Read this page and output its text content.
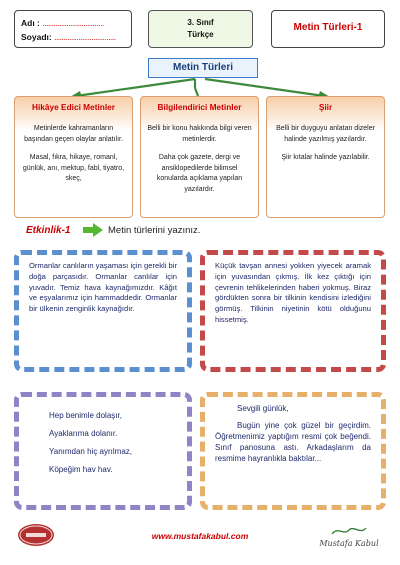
Adı : .................................
Soyadı: .................................
3. Sınıf
Türkçe
Metin Türleri-1
Metin Türleri
Hikâye Edici Metinler
Metinlerde kahramanların başından geçen olaylar anlatılır.
Masal, fıkra, hikaye, romanl, günlük, anı, mektup, fabl, tiyatro, skeç,
Bilgilendirici Metinler
Belli bir konu hakkında bilgi veren metinlerdir.
Daha çok gazete, dergi ve ansiklopedilerde bilimsel konularda açıklama yapılan yazılardır.
Şiir
Belli bir duyguyu anlatan dizeler halinde yazılmış yazılardır.
Şiir kıtalar halinde yazılabilir.
Etkinlik-1	Metin türlerini yazınız.
Ormanlar canlıların yaşaması için gerekli bir doğa parçasıdır. Ormanlar canlılar için yuvadır. Temiz hava kaynağımızdır. Kâğıt ve eşyalarımız için hammaddedir. Ormanlar bir ülkenin zenginlik kaynağıdır.
Küçük tavşan annesi yokken yiyecek aramak için yuvasından çıkmış. İlk kez çıktığı için çevrenin tehlikelerinden haberi yokmuş. Biraz gördükten sonra bir tilkinin kendisini izlediğini görmüş. Tilkinin niyetinin kötü olduğunu hissetmiş.
Hep benimle dolaşır,
Ayaklarıma dolanır.
Yanımdan hiç ayrılmaz,
Köpeğim hav hav.
Sevgili günlük,
Bugün yine çok güzel bir geçirdim. Öğretmenimiz yaptığım resmi çok beğendi. Sınıf panosuna astı. Arkadaşlarım da resmime hayranlıkla baktılar...
www.mustafakabul.com
Mustafa Kabul
